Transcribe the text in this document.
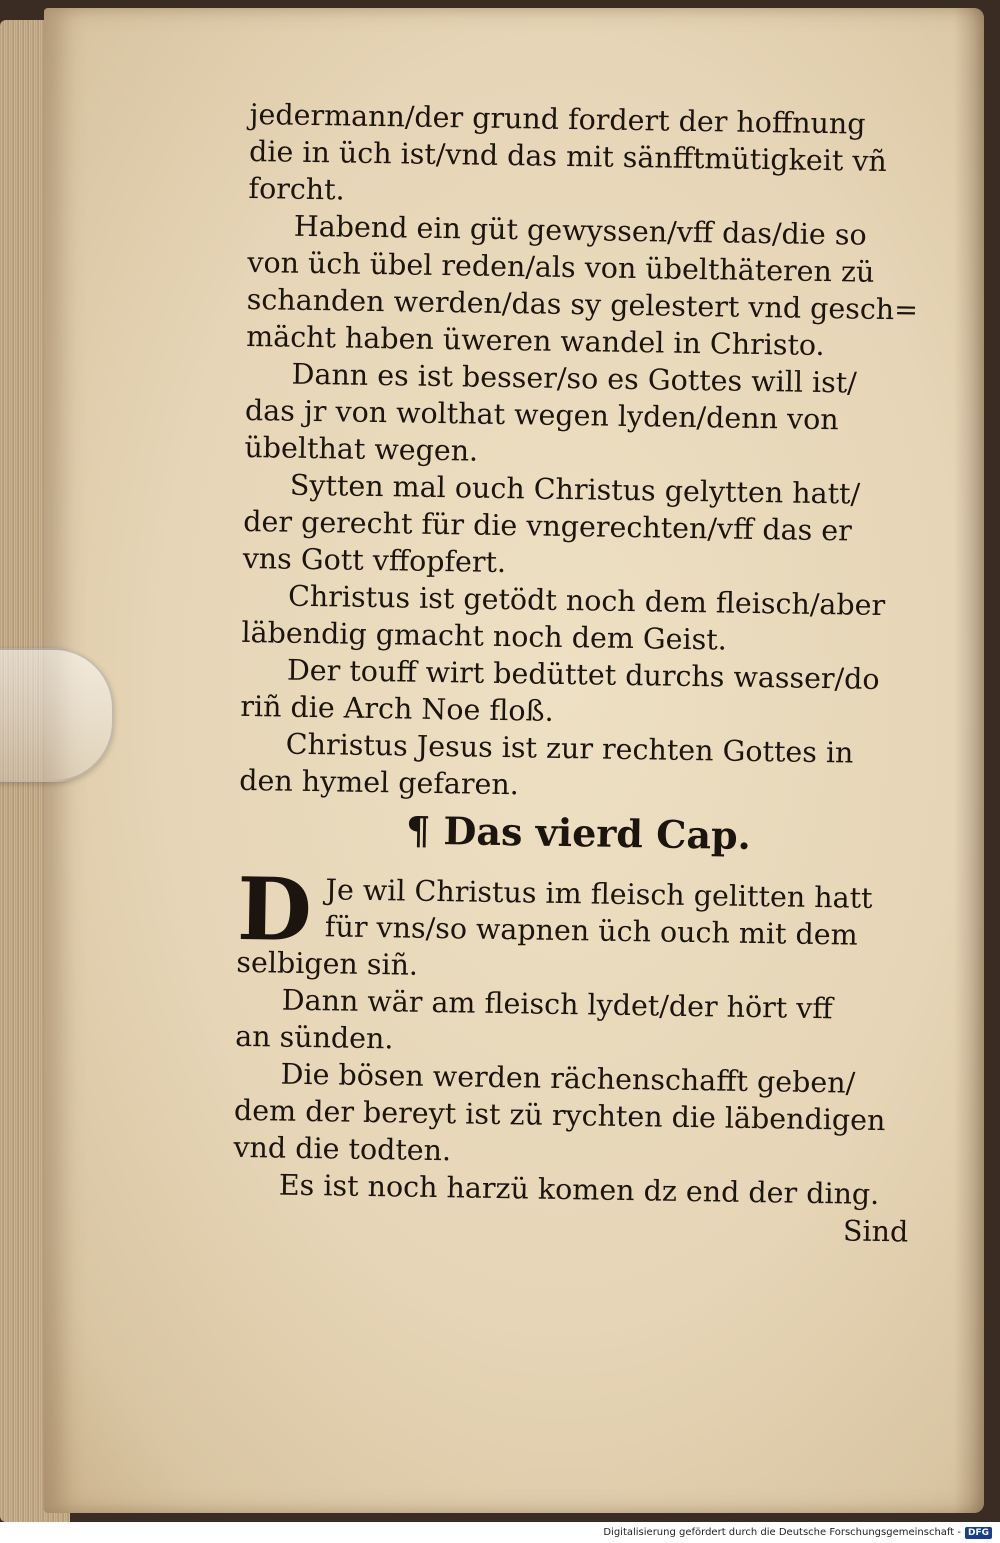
jedermann/der grund fordert der hoffnung
die in üch ist/vnd das mit sänfftmütigkeit vñ
forcht.
Habend ein güt gewyssen/vff das/die so
von üch übel reden/als von übelthäteren zü
schanden werden/das sy gelestert vnd gesch=
mächt haben üweren wandel in Christo.
Dann es ist besser/so es Gottes will ist/
das jr von wolthat wegen lyden/denn von
übelthat wegen.
Sytten mal ouch Christus gelytten hatt/
der gerecht für die vngerechten/vff das er
vns Gott vffopfert.
Christus ist getödt noch dem fleisch/aber
läbendig gmacht noch dem Geist.
Der touff wirt bedüttet durchs wasser/do
riñ die Arch Noe floß.
Christus Jesus ist zur rechten Gottes in
den hymel gefaren.
¶ Das vierd Cap.
D Je wil Christus im fleisch gelitten hatt
für vns/so wapnen üch ouch mit dem
selbigen siñ.
Dann wär am fleisch lydet/der hört vff
an sünden.
Die bösen werden rächenschafft geben/
dem der bereyt ist zü rychten die läbendigen
vnd die todten.
Es ist noch harzü komen dz end der ding.
Sind
Digitalisierung gefördert durch die Deutsche Forschungsgemeinschaft - DFG
